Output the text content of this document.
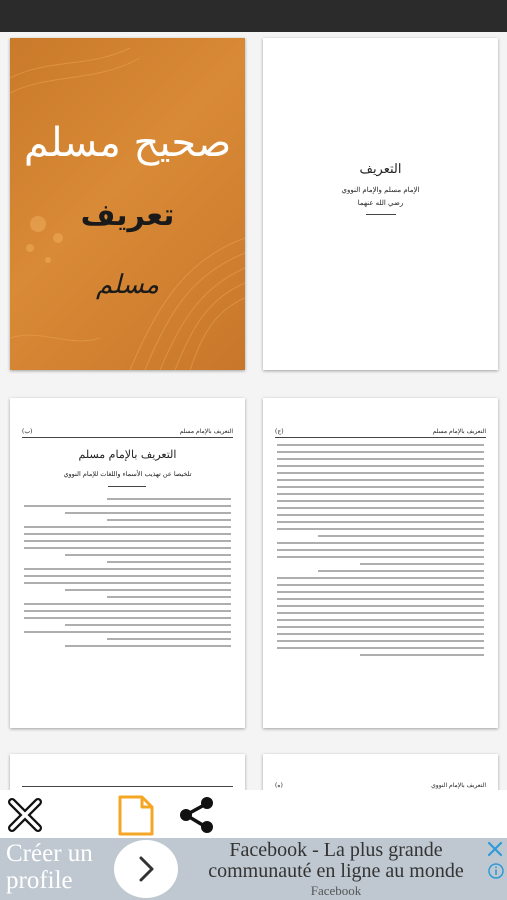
صحيح مسلم
تعريف
مسلم
التعريف
الإمام مسلم والإمام النووي
رضي الله عنهما
التعريف بالإمام مسلم
(ب)
التعريف بالإمام مسلم
تلخيصا عن تهذيب الأسماء واللغات للإمام النووي
التعريف بالإمام مسلم
(ج)
التعريف بالإمام النووي
(ه)
Créer un
profile
Facebook - La plus grande
communauté en ligne au monde
Facebook
